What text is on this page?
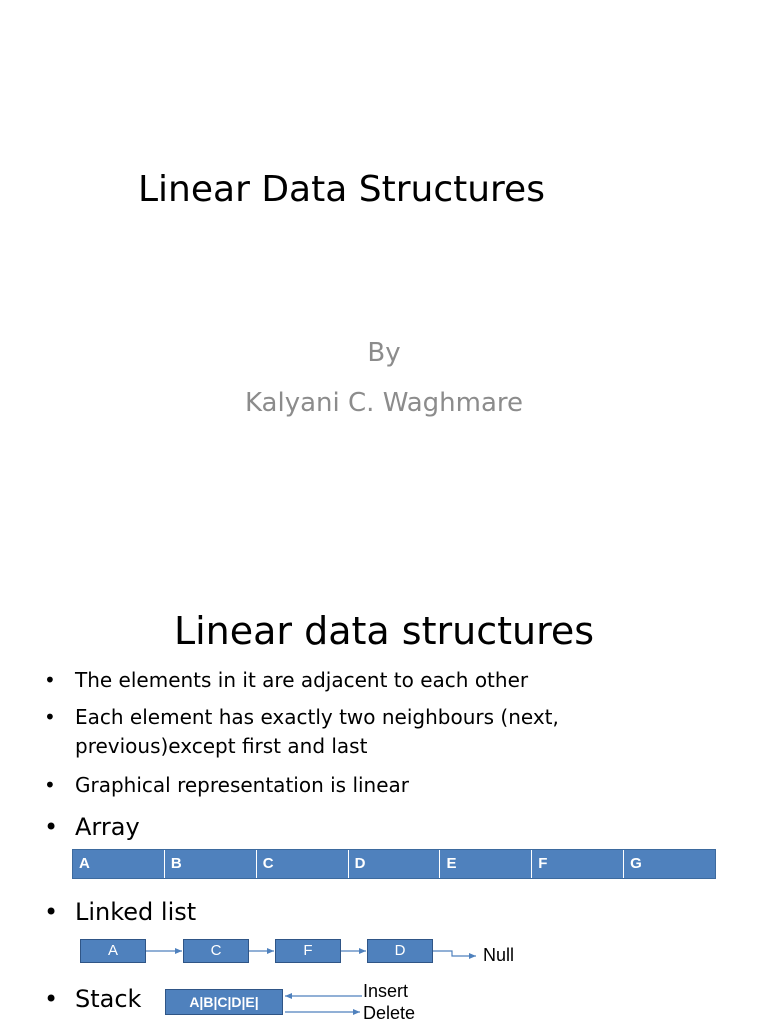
Linear Data Structures
By
Kalyani C. Waghmare
Linear data structures
• The elements in it are adjacent to each other
• Each element has exactly two neighbours (next,
previous)except first and last
• Graphical representation is linear
• Array
A	B	C	D	E	F	G
• Linked list
A	C	F	D	Null
• Stack	A|B|C|D|E|
Insert
Delete
